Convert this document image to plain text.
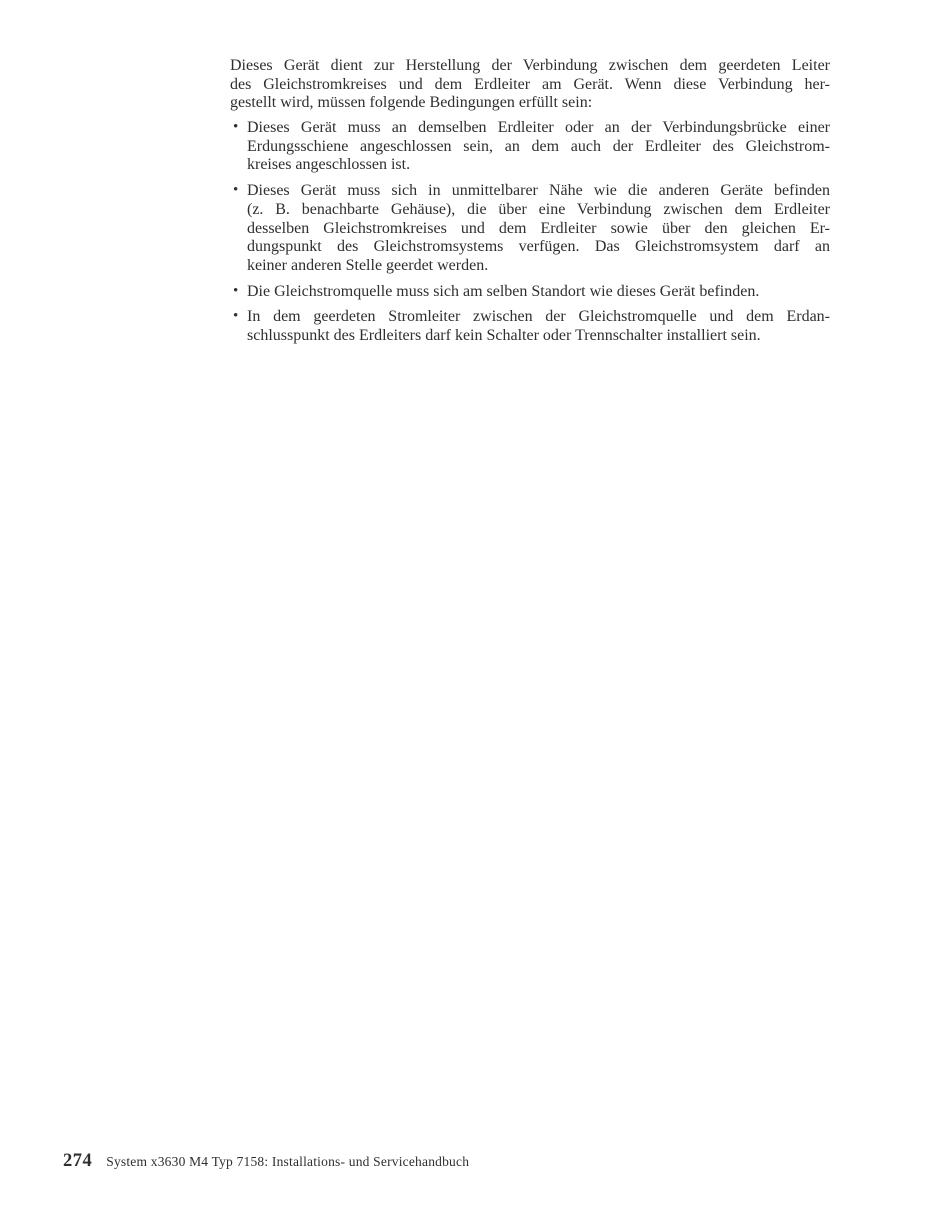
Dieses Gerät dient zur Herstellung der Verbindung zwischen dem geerdeten Leiter
des Gleichstromkreises und dem Erdleiter am Gerät. Wenn diese Verbindung her-
gestellt wird, müssen folgende Bedingungen erfüllt sein:
• Dieses Gerät muss an demselben Erdleiter oder an der Verbindungsbrücke einer
Erdungsschiene angeschlossen sein, an dem auch der Erdleiter des Gleichstrom-
kreises angeschlossen ist.
• Dieses Gerät muss sich in unmittelbarer Nähe wie die anderen Geräte befinden
(z. B. benachbarte Gehäuse), die über eine Verbindung zwischen dem Erdleiter
desselben Gleichstromkreises und dem Erdleiter sowie über den gleichen Er-
dungspunkt des Gleichstromsystems verfügen. Das Gleichstromsystem darf an
keiner anderen Stelle geerdet werden.
• Die Gleichstromquelle muss sich am selben Standort wie dieses Gerät befinden.
• In dem geerdeten Stromleiter zwischen der Gleichstromquelle und dem Erdan-
schlusspunkt des Erdleiters darf kein Schalter oder Trennschalter installiert sein.
274 System x3630 M4 Typ 7158: Installations- und Servicehandbuch
